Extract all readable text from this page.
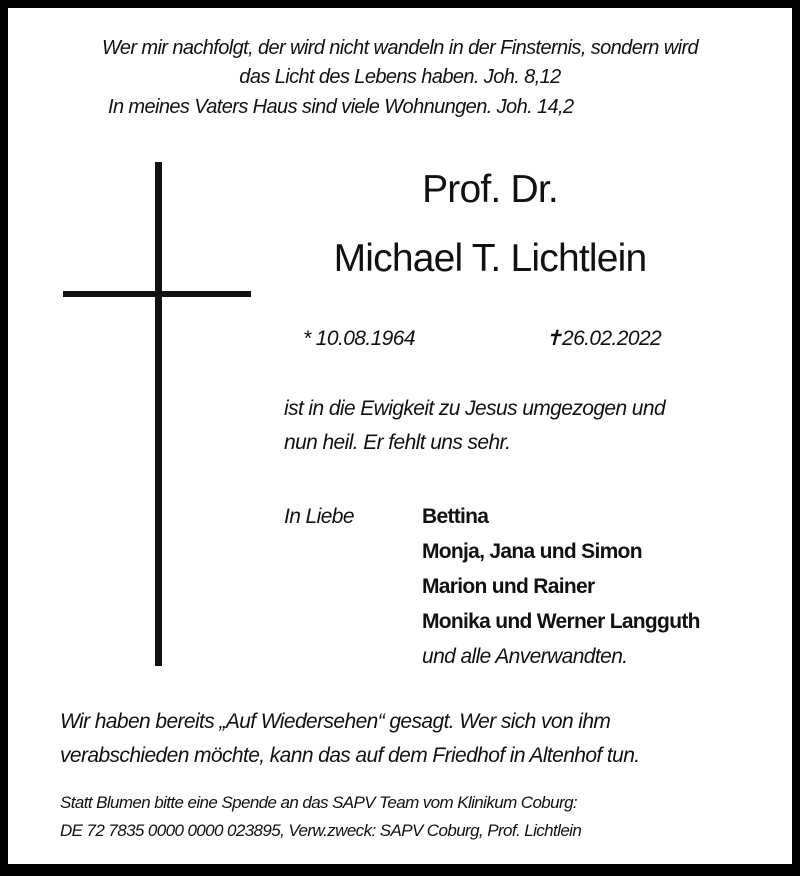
Wer mir nachfolgt, der wird nicht wandeln in der Finsternis, sondern wird
das Licht des Lebens haben. Joh. 8,12
In meines Vaters Haus sind viele Wohnungen. Joh. 14,2
Prof. Dr.
Michael T. Lichtlein
* 10.08.1964	✝26.02.2022
ist in die Ewigkeit zu Jesus umgezogen und
nun heil. Er fehlt uns sehr.
In Liebe	Bettina
Monja, Jana und Simon
Marion und Rainer
Monika und Werner Langguth
und alle Anverwandten.
Wir haben bereits „Auf Wiedersehen“ gesagt. Wer sich von ihm
verabschieden möchte, kann das auf dem Friedhof in Altenhof tun.
Statt Blumen bitte eine Spende an das SAPV Team vom Klinikum Coburg:
DE 72 7835 0000 0000 023895, Verw.zweck: SAPV Coburg, Prof. Lichtlein
